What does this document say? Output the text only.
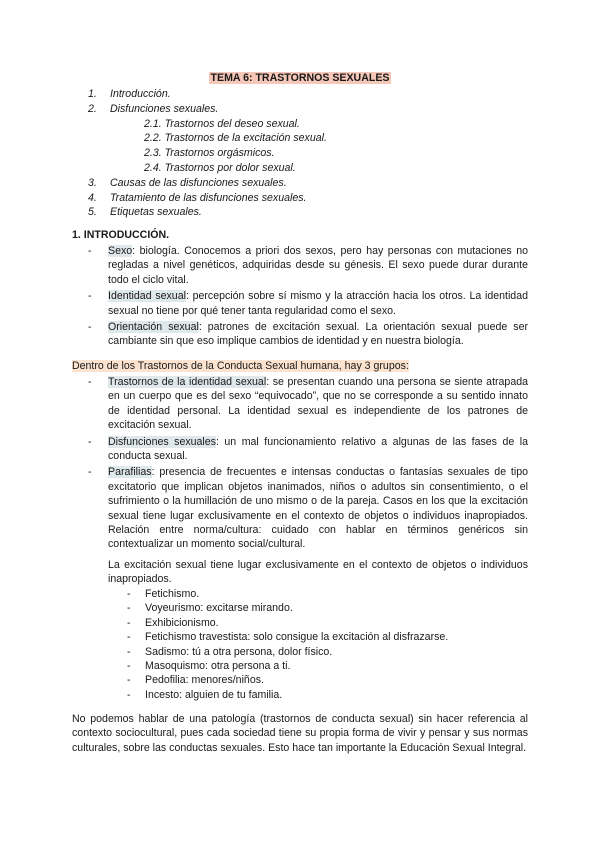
TEMA 6: TRASTORNOS SEXUALES
1. Introducción.
2. Disfunciones sexuales.
2.1. Trastornos del deseo sexual.
2.2. Trastornos de la excitación sexual.
2.3. Trastornos orgásmicos.
2.4. Trastornos por dolor sexual.
3. Causas de las disfunciones sexuales.
4. Tratamiento de las disfunciones sexuales.
5. Etiquetas sexuales.
1. INTRODUCCIÓN.
- Sexo: biología. Conocemos a priori dos sexos, pero hay personas con mutaciones no regladas a nivel genéticos, adquiridas desde su génesis. El sexo puede durar durante todo el ciclo vital.
- Identidad sexual: percepción sobre sí mismo y la atracción hacia los otros. La identidad sexual no tiene por qué tener tanta regularidad como el sexo.
- Orientación sexual: patrones de excitación sexual. La orientación sexual puede ser cambiante sin que eso implique cambios de identidad y en nuestra biología.
Dentro de los Trastornos de la Conducta Sexual humana, hay 3 grupos:
- Trastornos de la identidad sexual: se presentan cuando una persona se siente atrapada en un cuerpo que es del sexo “equivocado”, que no se corresponde a su sentido innato de identidad personal. La identidad sexual es independiente de los patrones de excitación sexual.
- Disfunciones sexuales: un mal funcionamiento relativo a algunas de las fases de la conducta sexual.
- Parafilias: presencia de frecuentes e intensas conductas o fantasías sexuales de tipo excitatorio que implican objetos inanimados, niños o adultos sin consentimiento, o el sufrimiento o la humillación de uno mismo o de la pareja. Casos en los que la excitación sexual tiene lugar exclusivamente en el contexto de objetos o individuos inapropiados. Relación entre norma/cultura: cuidado con hablar en términos genéricos sin contextualizar un momento social/cultural.
La excitación sexual tiene lugar exclusivamente en el contexto de objetos o individuos inapropiados.
- Fetichismo.
- Voyeurismo: excitarse mirando.
- Exhibicionismo.
- Fetichismo travestista: solo consigue la excitación al disfrazarse.
- Sadismo: tú a otra persona, dolor físico.
- Masoquismo: otra persona a ti.
- Pedofilia: menores/niños.
- Incesto: alguien de tu familia.
No podemos hablar de una patología (trastornos de conducta sexual) sin hacer referencia al contexto sociocultural, pues cada sociedad tiene su propia forma de vivir y pensar y sus normas culturales, sobre las conductas sexuales. Esto hace tan importante la Educación Sexual Integral.
